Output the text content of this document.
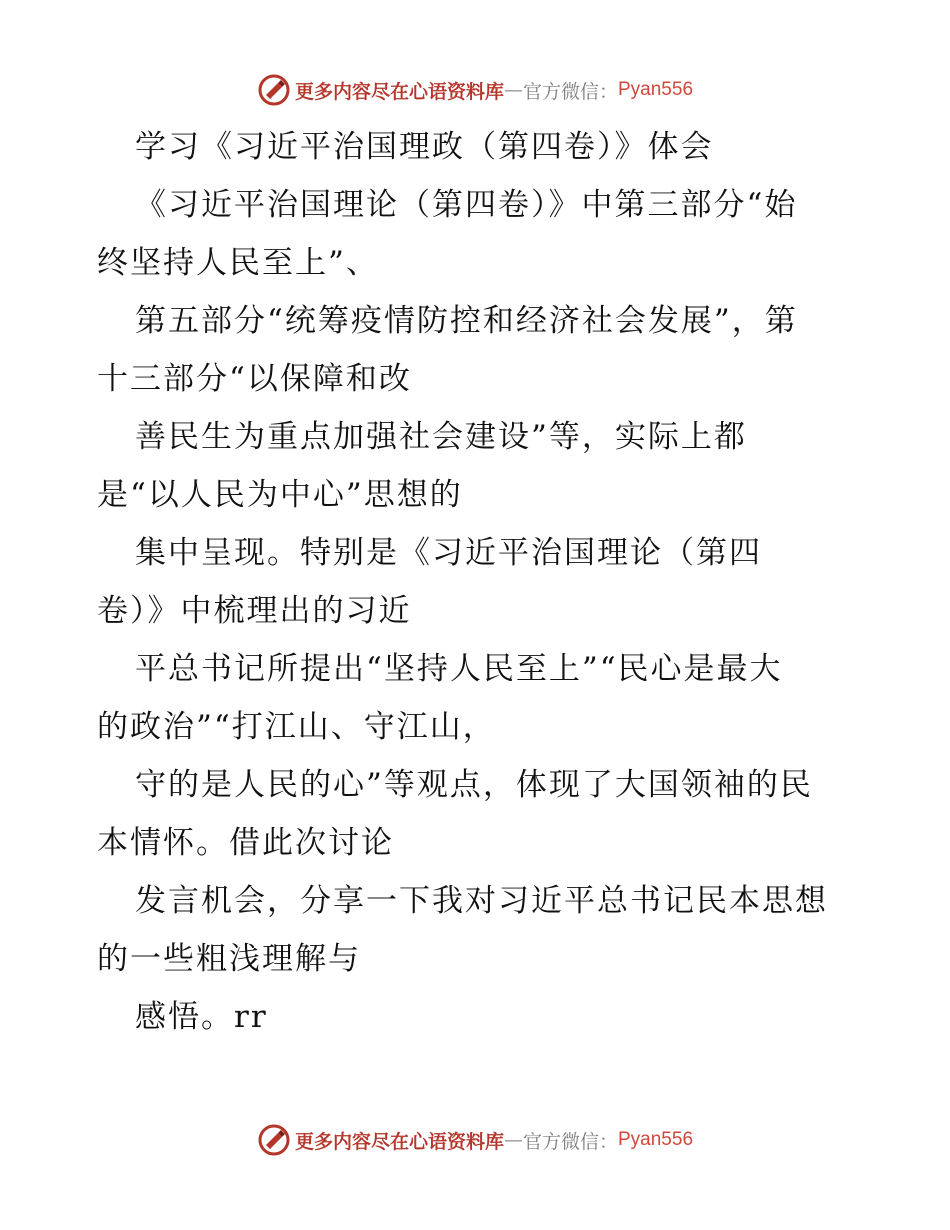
更多内容尽在心语资料库 — 官方微信： Pyan556
学习《习近平治国理政（第四卷）》体会
《习近平治国理论（第四卷）》中第三部分“始
终坚持人民至上”、
第五部分“统筹疫情防控和经济社会发展”，第
十三部分“以保障和改
善民生为重点加强社会建设”等，实际上都
是“以人民为中心”思想的
集中呈现。特别是《习近平治国理论（第四
卷）》中梳理出的习近
平总书记所提出“坚持人民至上”“民心是最大
的政治”“打江山、守江山，
守的是人民的心”等观点，体现了大国领袖的民
本情怀。借此次讨论
发言机会，分享一下我对习近平总书记民本思想
的一些粗浅理解与
感悟。rr
更多内容尽在心语资料库 — 官方微信： Pyan556
